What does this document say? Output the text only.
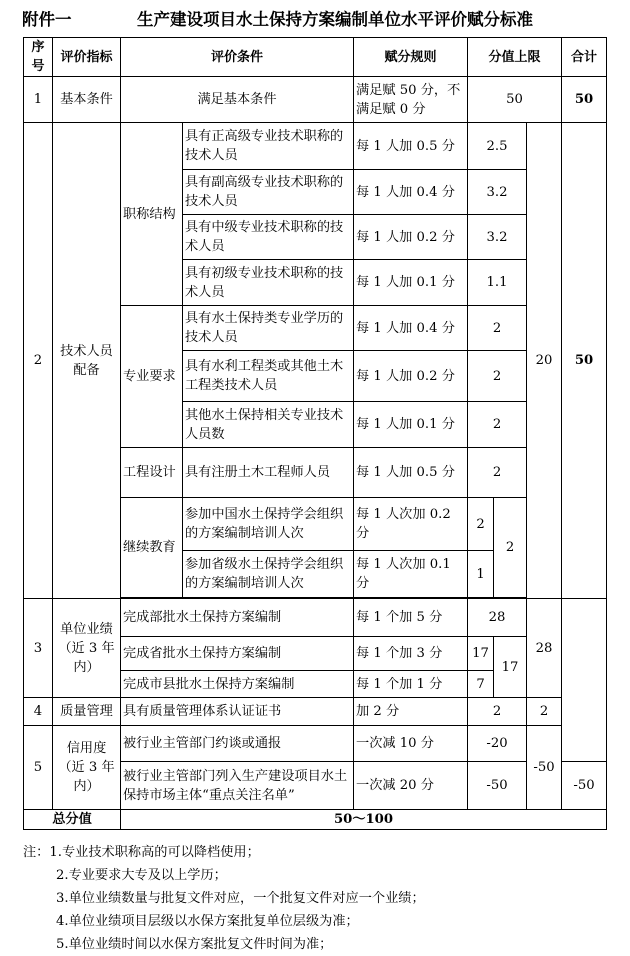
附件一	生产建设项目水土保持方案编制单位水平评价赋分标准
序号	评价指标	评价条件		赋分规则	分值上限			合计
1	基本条件	满足基本条件		满足赋 50 分，不满足赋 0 分	50			50
2	技术人员配备	职称结构	具有正高级专业技术职称的技术人员	每 1 人加 0.5 分	2.5		20	50
			具有副高级专业技术职称的技术人员	每 1 人加 0.4 分	3.2			
			具有中级专业技术职称的技术人员	每 1 人加 0.2 分	3.2			
			具有初级专业技术职称的技术人员	每 1 人加 0.1 分	1.1			
		专业要求	具有水土保持类专业学历的技术人员	每 1 人加 0.4 分	2			
			具有水利工程类或其他土木工程类技术人员	每 1 人加 0.2 分	2			
			其他水土保持相关专业技术人员数	每 1 人加 0.1 分	2			
		工程设计	具有注册土木工程师人员	每 1 人加 0.5 分	2			
		继续教育	参加中国水土保持学会组织的方案编制培训人次	每 1 人次加 0.2 分	2	2		
			参加省级水土保持学会组织的方案编制培训人次	每 1 人次加 0.1 分	1			

3	单位业绩（近 3 年内）	完成部批水土保持方案编制		每 1 个加 5 分	28		28	
		完成省批水土保持方案编制		每 1 个加 3 分	17	17		
		完成市县批水土保持方案编制		每 1 个加 1 分	7			
4	质量管理	具有质量管理体系认证证书		加 2 分	2		2	
5	信用度（近 3 年内）	被行业主管部门约谈或通报		一次减 10 分	-20		-50	
		被行业主管部门列入生产建设项目水土保持市场主体“重点关注名单”		一次减 20 分	-50			-50
总分值		50～100						
注：1.专业技术职称高的可以降档使用；
2.专业要求大专及以上学历；
3.单位业绩数量与批复文件对应，一个批复文件对应一个业绩；
4.单位业绩项目层级以水保方案批复单位层级为准；
5.单位业绩时间以水保方案批复文件时间为准；
